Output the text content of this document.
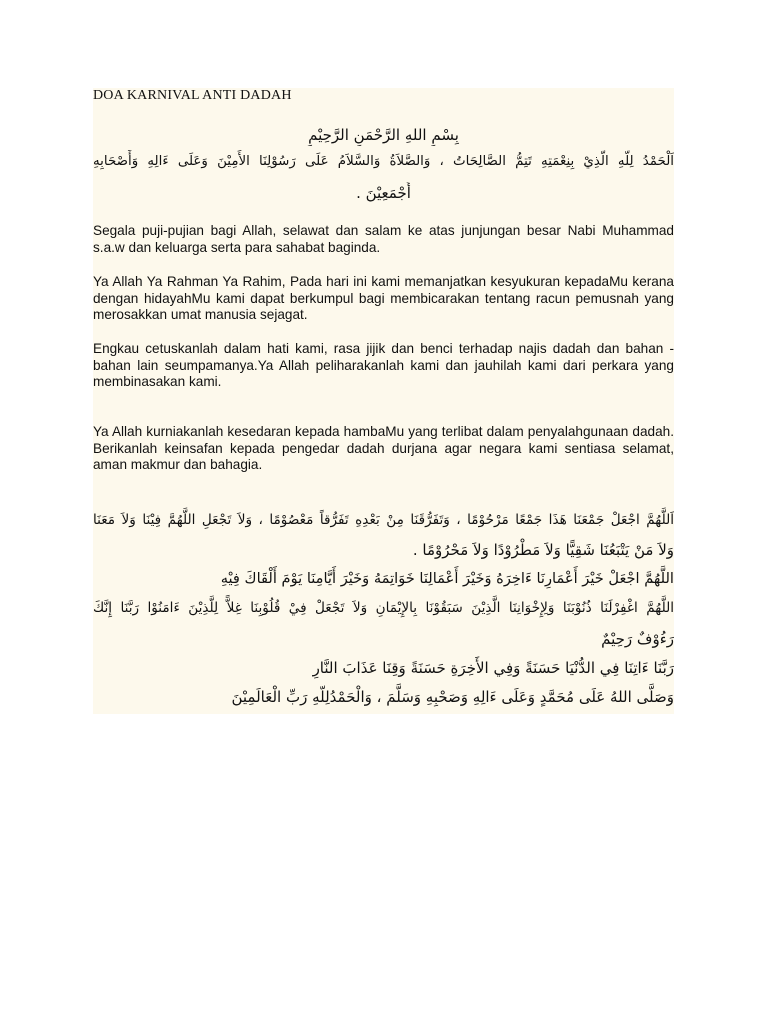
DOA KARNIVAL ANTI DADAH
بِسْمِ اللهِ الرَّحْمَنِ الرَّحِيْمِ
اَلْحَمْدُ لِلّهِ الّذِيْ بِنِعْمَتِهِ تَتِمُّ الصَّالِحَاتُ ، وَالصَّلاَةُ وَالسَّلاَمُ عَلَى رَسُوْلِنَا الأَمِيْنَ وَعَلَى ءَالِهِ وَأَصْحَابِهِ
أَجْمَعِيْنَ .

Segala puji-pujian bagi Allah, selawat dan salam ke atas junjungan besar Nabi Muhammad s.a.w dan keluarga serta para sahabat baginda.

Ya Allah Ya Rahman Ya Rahim, Pada hari ini kami memanjatkan kesyukuran kepadaMu kerana dengan hidayahMu kami dapat berkumpul bagi membicarakan tentang racun pemusnah yang merosakkan umat manusia sejagat.

Engkau cetuskanlah dalam hati kami, rasa jijik dan benci terhadap najis dadah dan bahan - bahan lain seumpamanya.Ya Allah peliharakanlah kami dan jauhilah kami dari perkara yang membinasakan kami.

Ya Allah kurniakanlah kesedaran kepada hambaMu yang terlibat dalam penyalahgunaan dadah. Berikanlah keinsafan kepada pengedar dadah durjana agar negara kami sentiasa selamat, aman makmur dan bahagia.

اَللَّهُمَّ اجْعَلْ جَمْعَنَا هَذَا جَمْعًا مَرْحُوْمًا ، وَتَفَرُّقَنَا مِنْ بَعْدِهِ تَفَرُّقاً مَعْصُوْمًا ، وَلاَ تَجْعَلِ اللَّهُمَّ فِيْنَا وَلاَ مَعَنَا
وَلاَ مَنْ يَتْبَعُنَا شَقِيًّا وَلاَ مَطْرُوْدًا وَلاَ مَحْرُوْمًا .
اللَّهُمَّ اجْعَلْ خَيْرَ أَعْمَارِنَا ءَاخِرَهُ وَخَيْرَ أَعْمَالِنَا خَوَاتِمَهُ وَخَيْرَ أَيَّامِنَا يَوْمَ أَلْقَاكَ فِيْهِ
اللَّهُمَّ اغْفِرْلَنَا ذُنُوْبَنَا وَلِإِخْوَانِنَا الَّذِيْنَ سَبَقُوْنَا بِالإِيْمَانِ وَلاَ تَجْعَلْ فِيْ قُلُوْبِنَا غِلاًّ لِلَّذِيْنَ ءَامَنُوْا رَبَّنَا إِنَّكَ
رَءُوْفٌ رَحِيْمٌ
رَبَّنَا ءَاتِنَا فِي الدُّنْيَا حَسَنَةً وَفِي الأَخِرَةِ حَسَنَةً وَقِنَا عَذَابَ النَّارِ
وَصَلَّى اللهُ عَلَى مُحَمَّدٍ وَعَلَى ءَالِهِ وَصَحْبِهِ وَسَلَّمَ ، وَالْحَمْدُلِلّهِ رَبِّ الْعَالَمِيْنَ
